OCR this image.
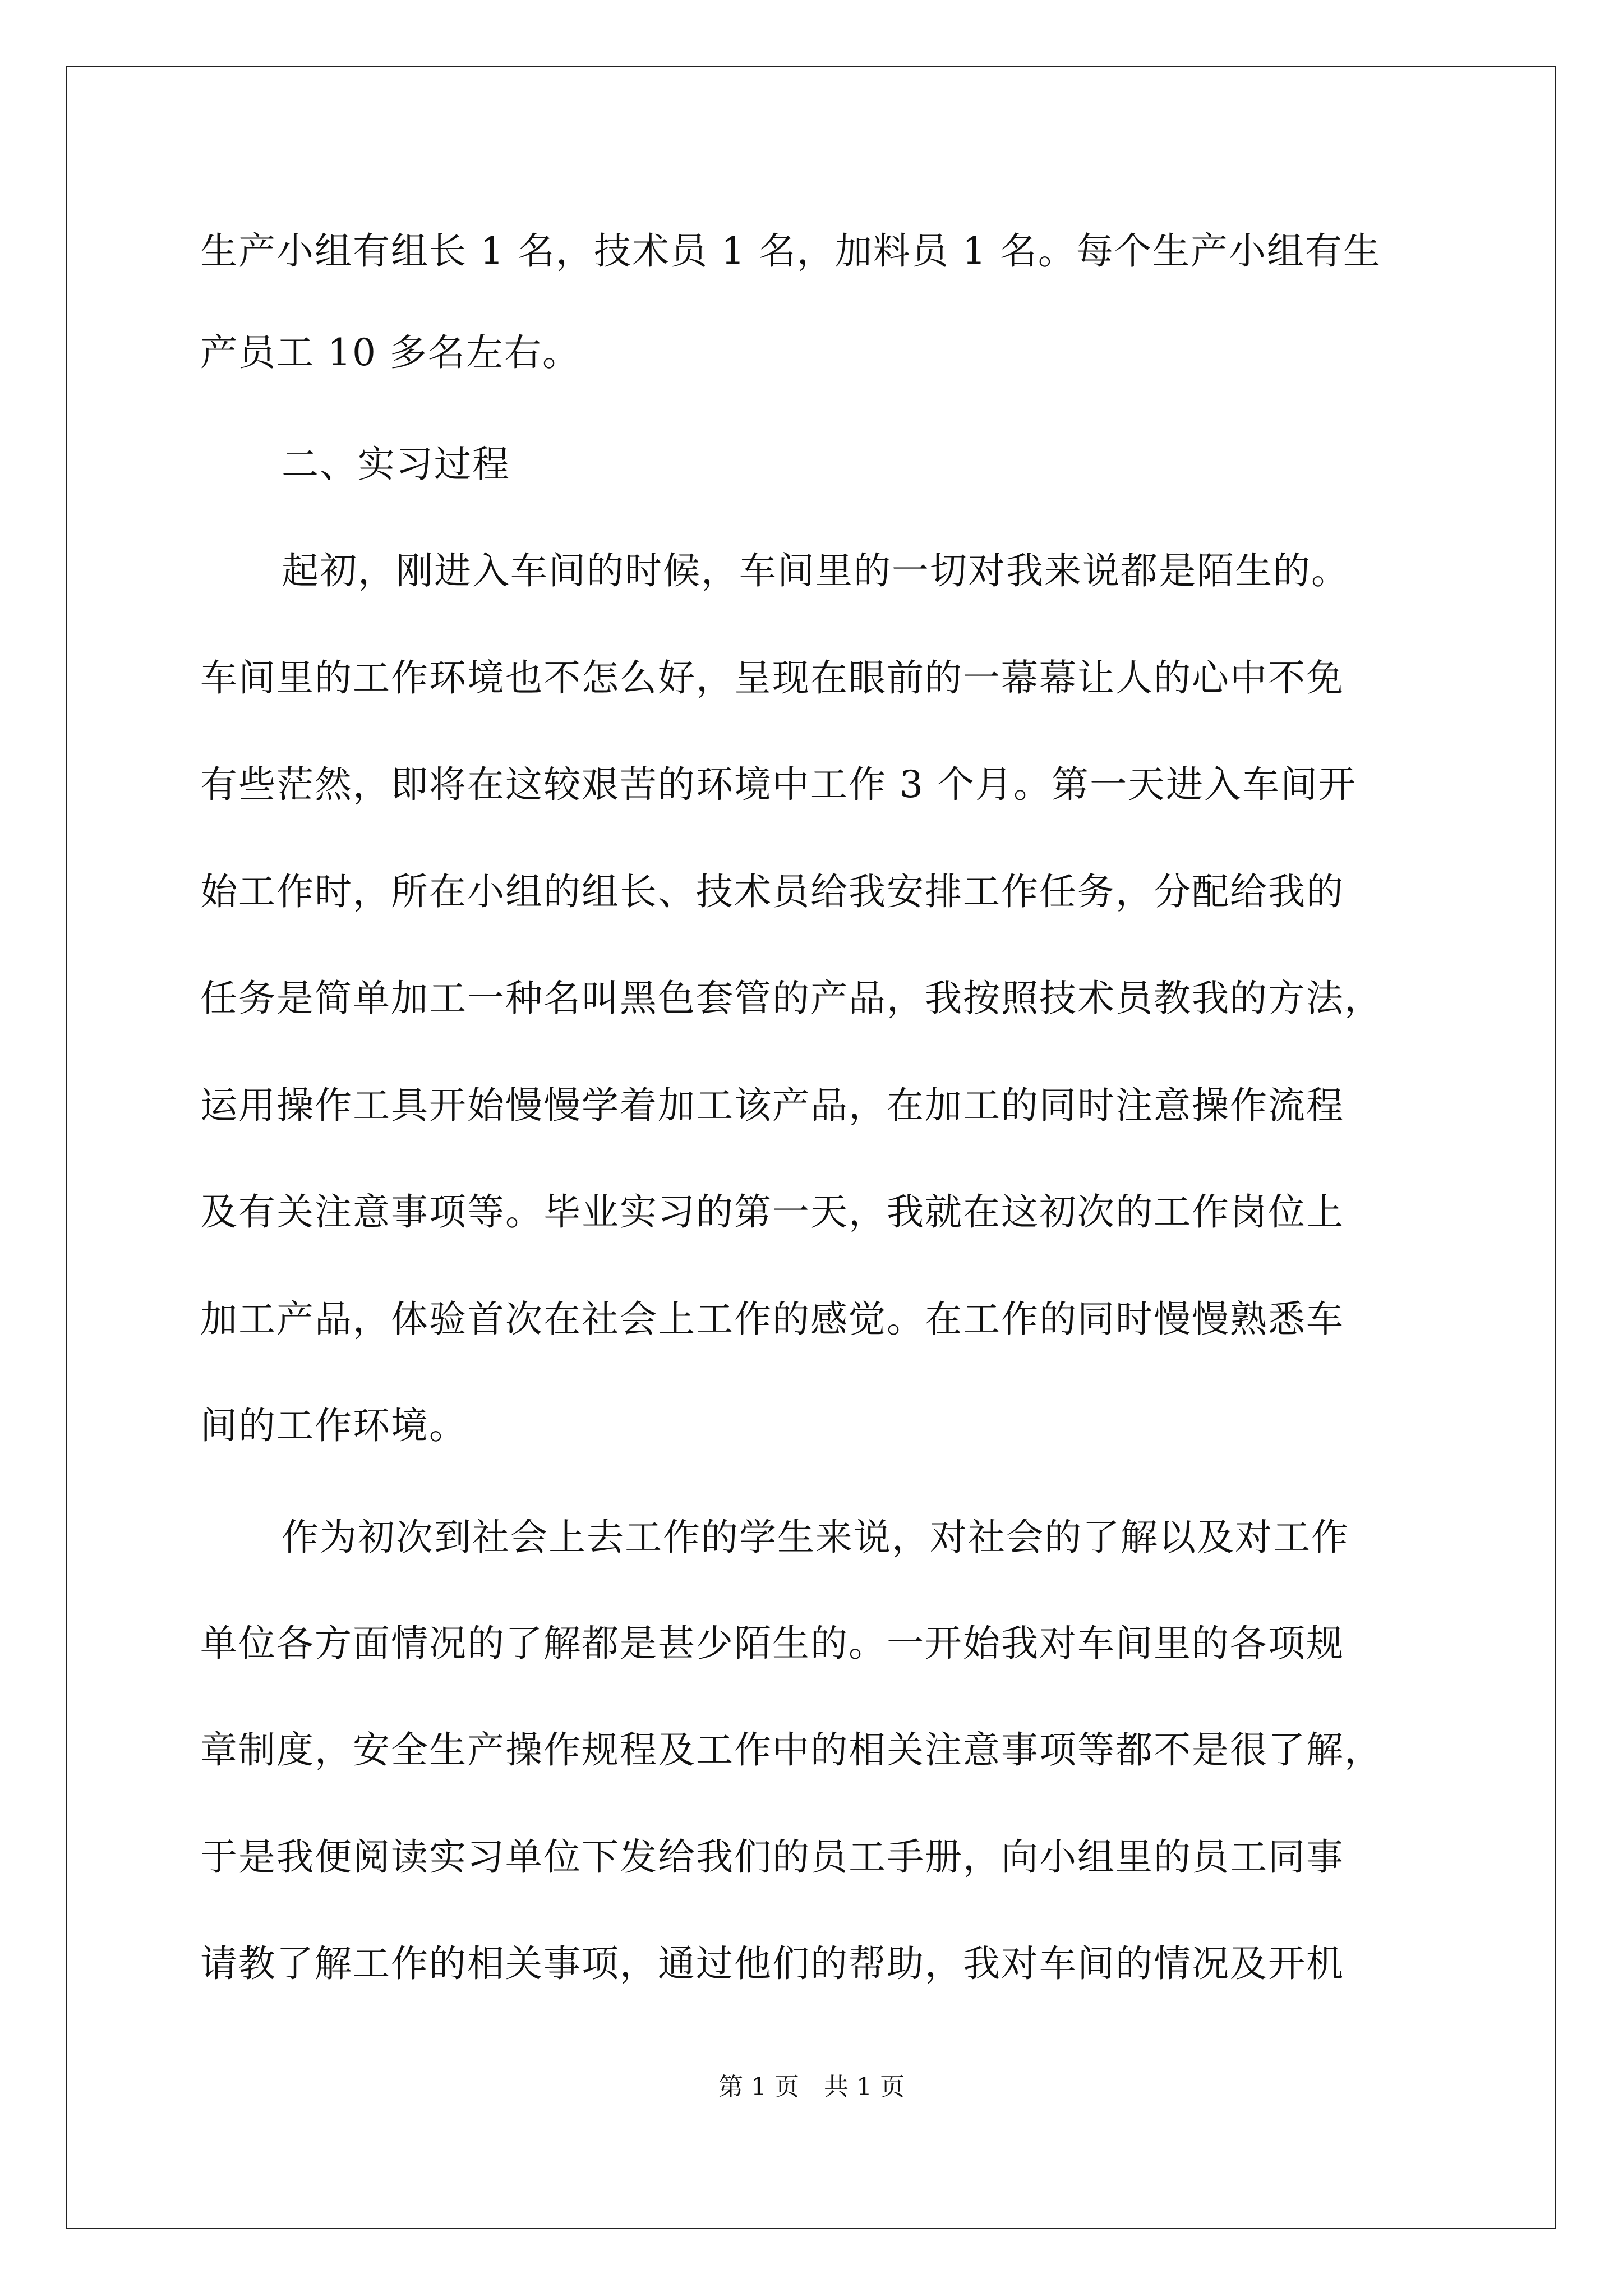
生产小组有组长 1 名，技术员 1 名，加料员 1 名。每个生产小组有生
产员工 10 多名左右。
二、实习过程
起初，刚进入车间的时候，车间里的一切对我来说都是陌生的。
车间里的工作环境也不怎么好，呈现在眼前的一幕幕让人的心中不免
有些茫然，即将在这较艰苦的环境中工作 3 个月。第一天进入车间开
始工作时，所在小组的组长、技术员给我安排工作任务，分配给我的
任务是简单加工一种名叫黑色套管的产品，我按照技术员教我的方法，
运用操作工具开始慢慢学着加工该产品，在加工的同时注意操作流程
及有关注意事项等。毕业实习的第一天，我就在这初次的工作岗位上
加工产品，体验首次在社会上工作的感觉。在工作的同时慢慢熟悉车
间的工作环境。
作为初次到社会上去工作的学生来说，对社会的了解以及对工作
单位各方面情况的了解都是甚少陌生的。一开始我对车间里的各项规
章制度，安全生产操作规程及工作中的相关注意事项等都不是很了解，
于是我便阅读实习单位下发给我们的员工手册，向小组里的员工同事
请教了解工作的相关事项，通过他们的帮助，我对车间的情况及开机
第 1 页　共 1 页
